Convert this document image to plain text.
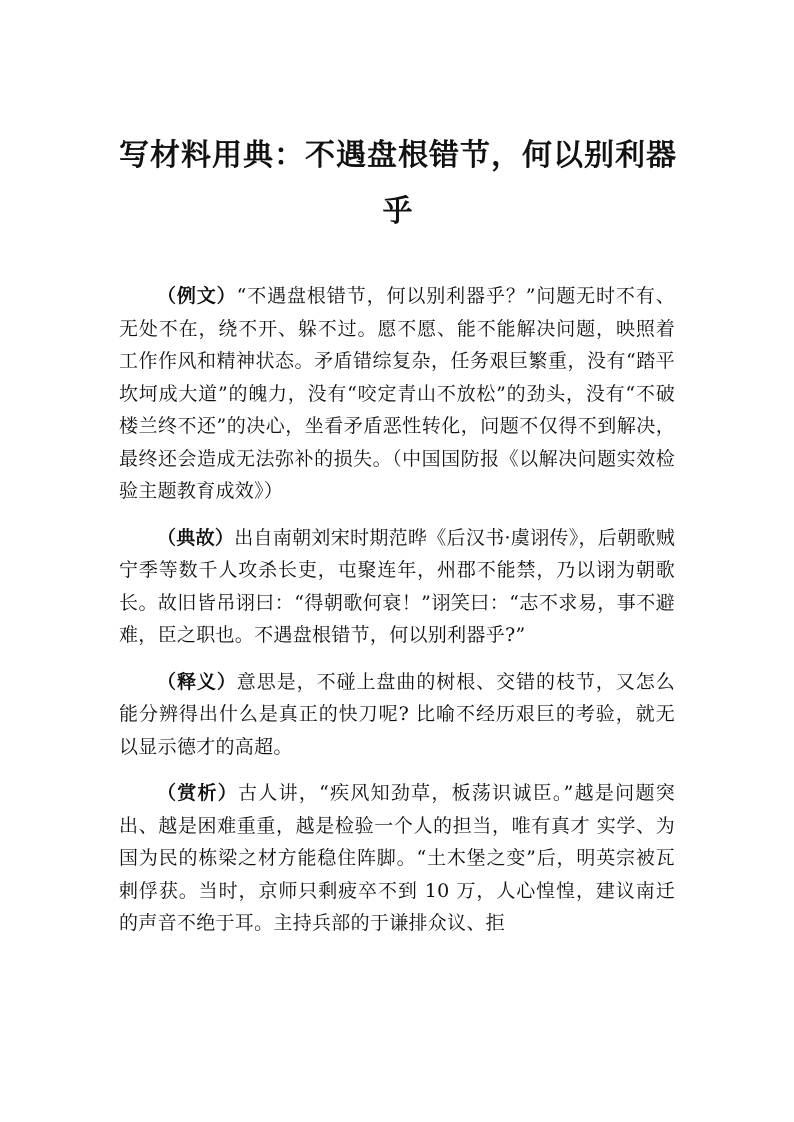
写材料用典：不遇盘根错节，何以别利器乎

（例文）“不遇盘根错节，何以别利器乎？”问题无时不有、无处不在，绕不开、躲不过。愿不愿、能不能解决问题，映照着工作作风和精神状态。矛盾错综复杂，任务艰巨繁重，没有“踏平坎坷成大道”的魄力，没有“咬定青山不放松”的劲头，没有“不破楼兰终不还”的决心，坐看矛盾恶性转化，问题不仅得不到解决，最终还会造成无法弥补的损失。（中国国防报《以解决问题实效检验主题教育成效》）

（典故）出自南朝刘宋时期范晔《后汉书·虞诩传》，后朝歌贼宁季等数千人攻杀长吏，屯聚连年，州郡不能禁，乃以诩为朝歌长。故旧皆吊诩曰：“得朝歌何衰！”诩笑曰：“志不求易，事不避难，臣之职也。不遇盘根错节，何以别利器乎?”

（释义）意思是，不碰上盘曲的树根、交错的枝节，又怎么能分辨得出什么是真正的快刀呢? 比喻不经历艰巨的考验，就无以显示德才的高超。

（赏析）古人讲，“疾风知劲草，板荡识诚臣。”越是问题突出、越是困难重重，越是检验一个人的担当，唯有真才 实学、为国为民的栋梁之材方能稳住阵脚。“土木堡之变”后，明英宗被瓦剌俘获。当时，京师只剩疲卒不到 10 万，人心惶惶，建议南迁的声音不绝于耳。主持兵部的于谦排众议、拒
